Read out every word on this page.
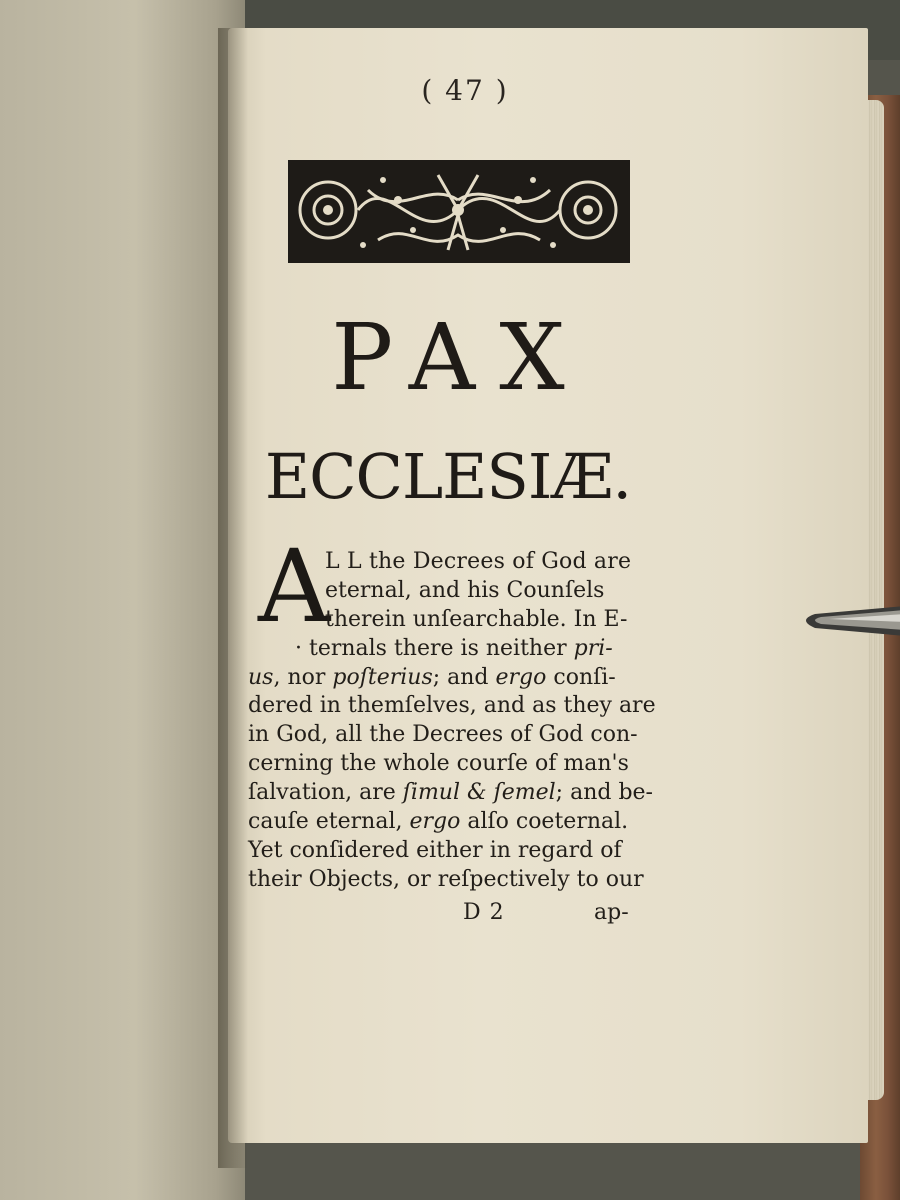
( 47 )
PAX
ECCLESIÆ.
A
L L the Decrees of God are
eternal, and his Counſels
therein unſearchable. In E-
· ternals there is neither pri-
us, nor poſterius; and ergo conſi-
dered in themſelves, and as they are
in God, all the Decrees of God con-
cerning the whole courſe of man's
ſalvation, are ſimul & ſemel; and be-
cauſe eternal, ergo alſo coeternal.
Yet conſidered either in regard of
their Objects, or reſpectively to our
D 2	ap-
